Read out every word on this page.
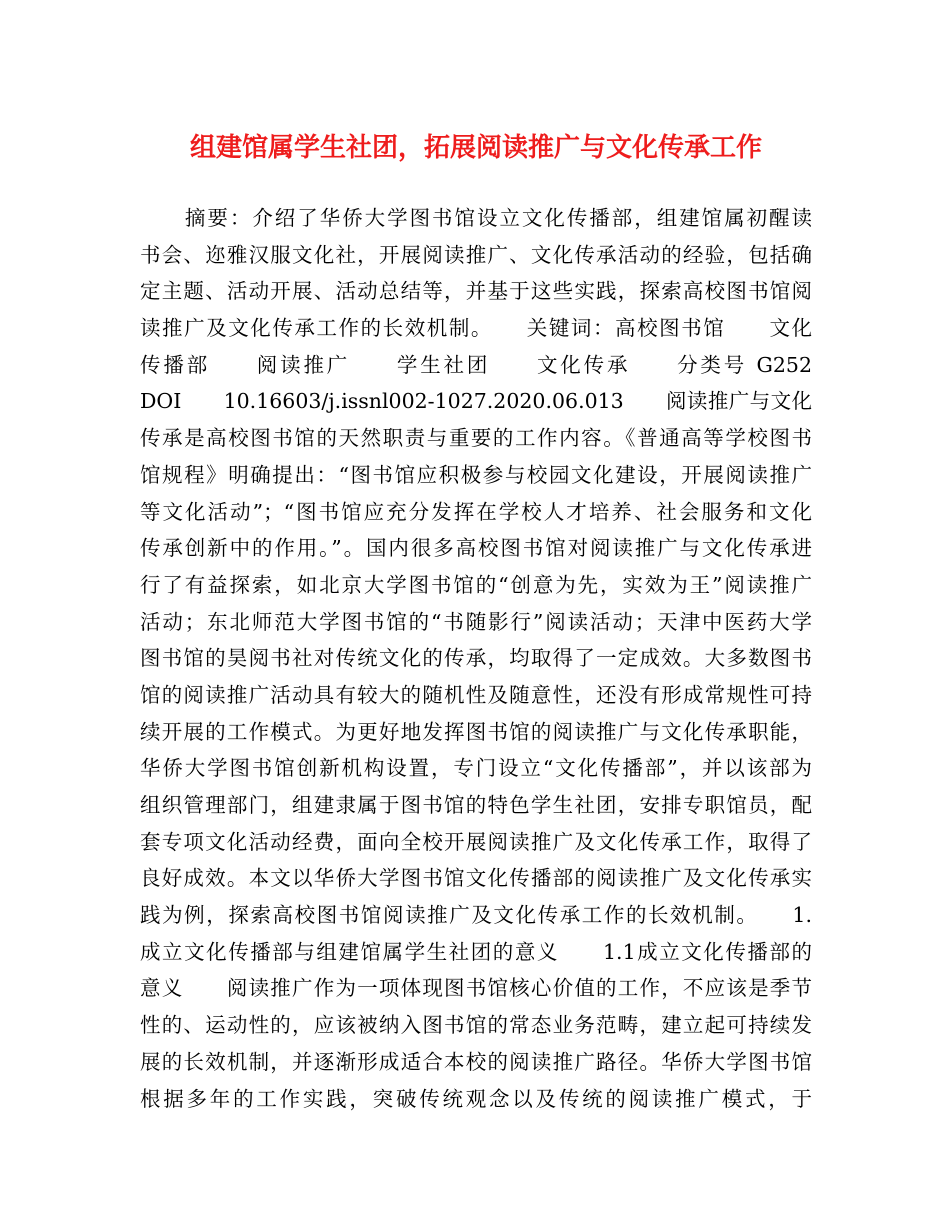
组建馆属学生社团，拓展阅读推广与文化传承工作
　　摘要：介绍了华侨大学图书馆设立文化传播部，组建馆属初醒读
书会、迩雅汉服文化社，开展阅读推广、文化传承活动的经验，包括确
定主题、活动开展、活动总结等，并基于这些实践，探索高校图书馆阅
读推广及文化传承工作的长效机制。　　关键词：高校图书馆　　文化
传播部　　阅读推广　　学生社团　　文化传承　　分类号 G252
DOI　　10.16603/j.issnl002-1027.2020.06.013　　阅读推广与文化
传承是高校图书馆的天然职责与重要的工作内容。《普通高等学校图书
馆规程》明确提出：“图书馆应积极参与校园文化建设，开展阅读推广
等文化活动”；“图书馆应充分发挥在学校人才培养、社会服务和文化
传承创新中的作用。”。国内很多高校图书馆对阅读推广与文化传承进
行了有益探索，如北京大学图书馆的“创意为先，实效为王”阅读推广
活动；东北师范大学图书馆的“书随影行”阅读活动；天津中医药大学
图书馆的昊阅书社对传统文化的传承，均取得了一定成效。大多数图书
馆的阅读推广活动具有较大的随机性及随意性，还没有形成常规性可持
续开展的工作模式。为更好地发挥图书馆的阅读推广与文化传承职能，
华侨大学图书馆创新机构设置，专门设立“文化传播部”，并以该部为
组织管理部门，组建隶属于图书馆的特色学生社团，安排专职馆员，配
套专项文化活动经费，面向全校开展阅读推广及文化传承工作，取得了
良好成效。本文以华侨大学图书馆文化传播部的阅读推广及文化传承实
践为例，探索高校图书馆阅读推广及文化传承工作的长效机制。　　1.
成立文化传播部与组建馆属学生社团的意义　　1.1成立文化传播部的
意义　　阅读推广作为一项体现图书馆核心价值的工作，不应该是季节
性的、运动性的，应该被纳入图书馆的常态业务范畴，建立起可持续发
展的长效机制，并逐渐形成适合本校的阅读推广路径。华侨大学图书馆
根据多年的工作实践，突破传统观念以及传统的阅读推广模式，于
